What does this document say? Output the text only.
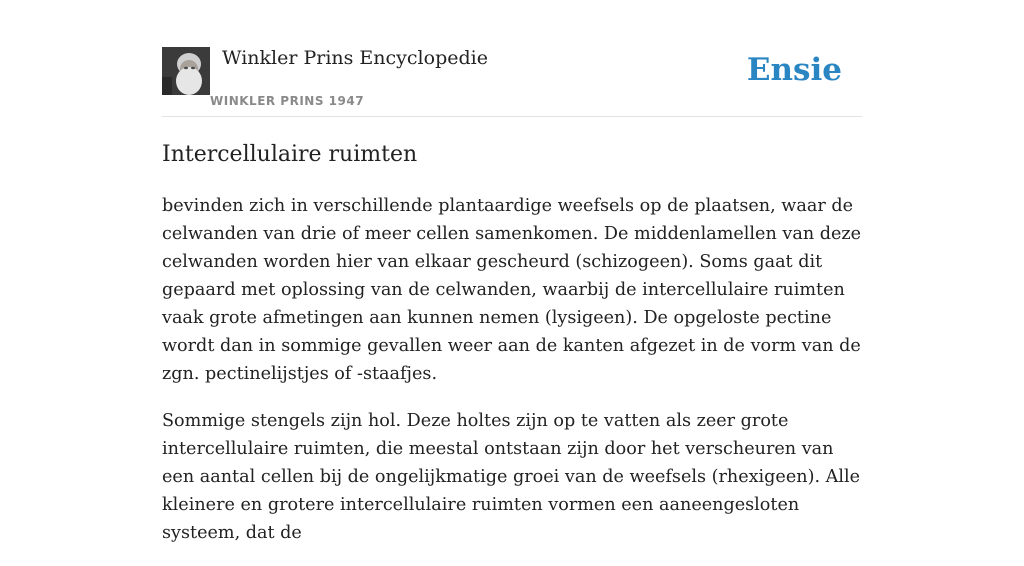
Winkler Prins Encyclopedie
WINKLER PRINS 1947
Ensie
Intercellulaire ruimten

bevinden zich in verschillende plantaardige weefsels op de plaatsen, waar de celwanden van drie of meer cellen samenkomen. De middenlamellen van deze celwanden worden hier van elkaar gescheurd (schizogeen). Soms gaat dit gepaard met oplossing van de celwanden, waarbij de intercellulaire ruimten vaak grote afmetingen aan kunnen nemen (lysigeen). De opgeloste pectine wordt dan in sommige gevallen weer aan de kanten afgezet in de vorm van de zgn. pectinelijstjes of -staafjes.

Sommige stengels zijn hol. Deze holtes zijn op te vatten als zeer grote intercellulaire ruimten, die meestal ontstaan zijn door het verscheuren van een aantal cellen bij de ongelijkmatige groei van de weefsels (rhexigeen). Alle kleinere en grotere intercellulaire ruimten vormen een aaneengesloten systeem, dat de
